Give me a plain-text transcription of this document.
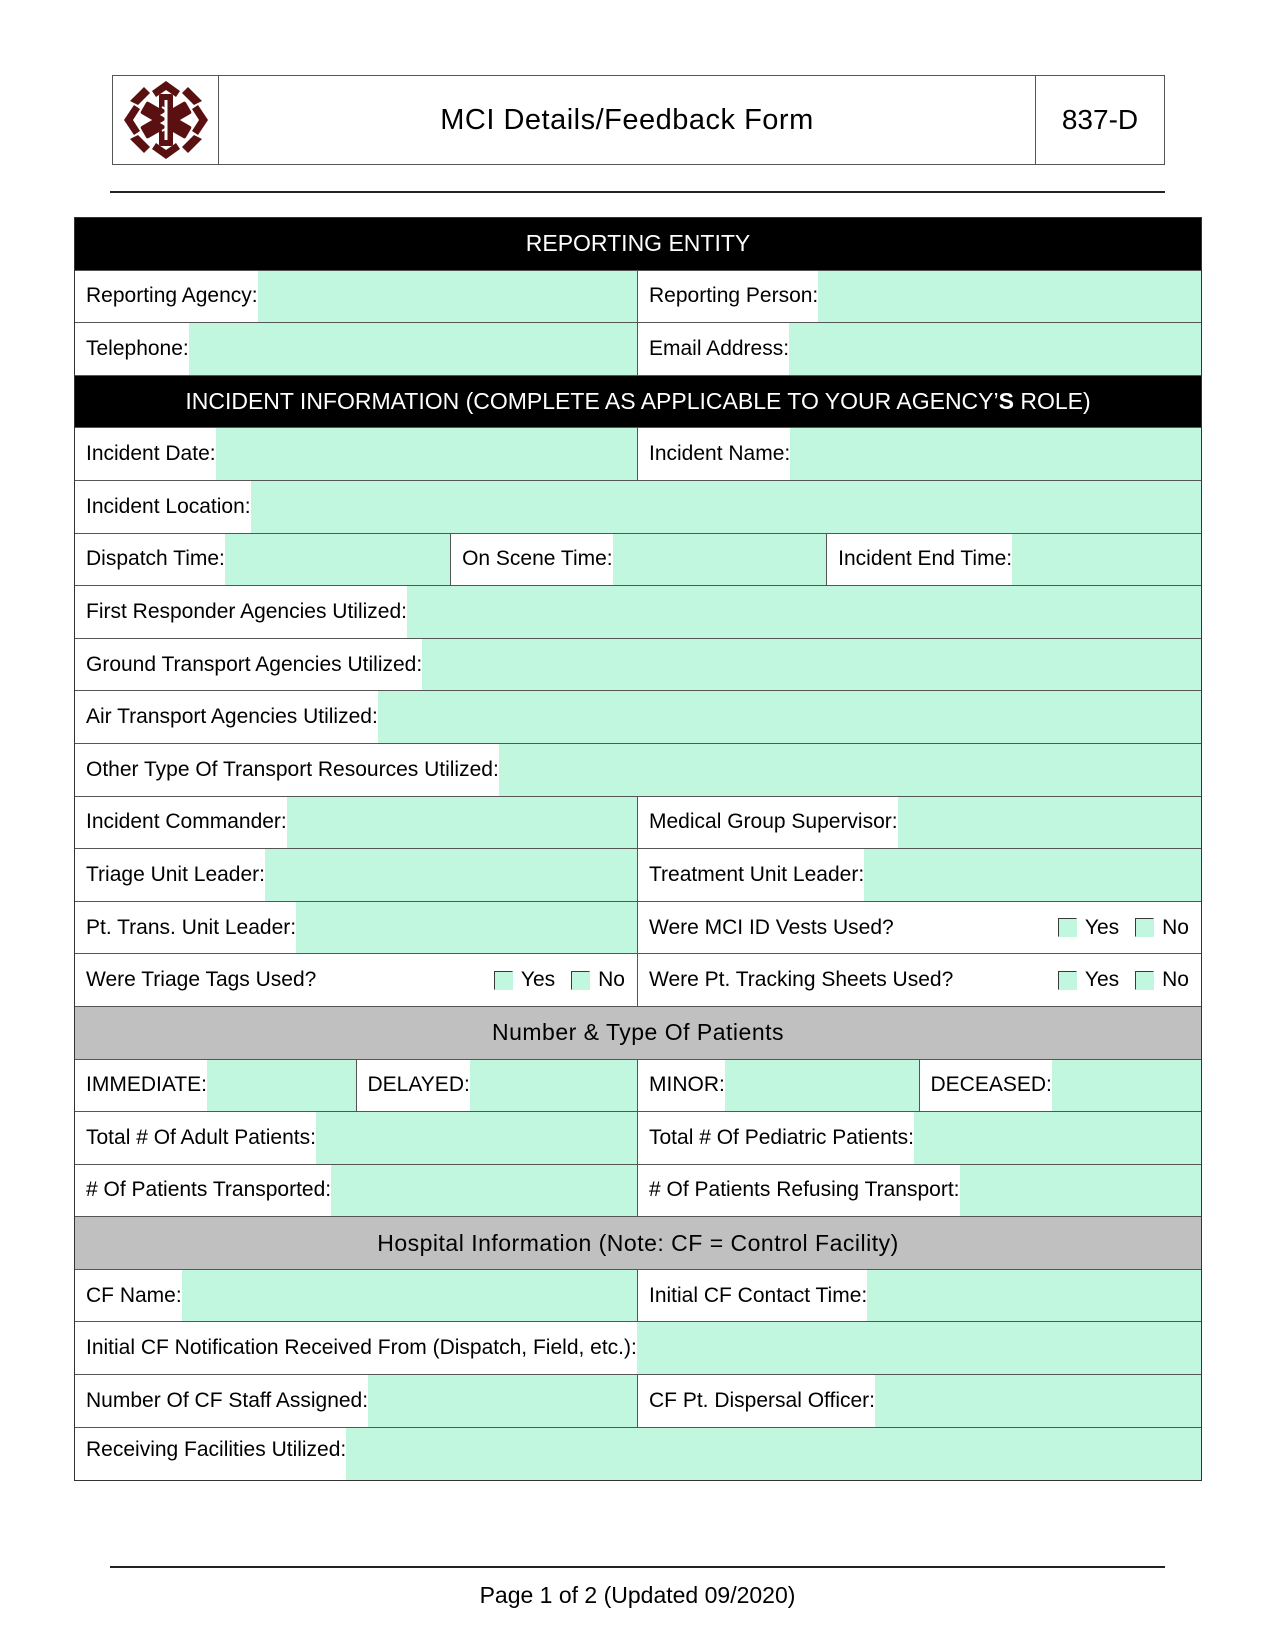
MCI Details/Feedback Form	837-D
REPORTING ENTITY
Reporting Agency:	Reporting Person:
Telephone:	Email Address:
INCIDENT INFORMATION (COMPLETE AS APPLICABLE TO YOUR AGENCY’ S ROLE)
Incident Date:	Incident Name:
Incident Location:
Dispatch Time:	On Scene Time:	Incident End Time:
First Responder Agencies Utilized:
Ground Transport Agencies Utilized:
Air Transport Agencies Utilized:
Other Type Of Transport Resources Utilized:
Incident Commander:	Medical Group Supervisor:
Triage Unit Leader:	Treatment Unit Leader:
Pt. Trans. Unit Leader:	Were MCI ID Vests Used?	Yes No
Were Triage Tags Used?	Yes No	Were Pt. Tracking Sheets Used?	Yes No
Number & Type Of Patients
IMMEDIATE:	DELAYED:	MINOR:	DECEASED:
Total # Of Adult Patients:	Total # Of Pediatric Patients:
# Of Patients Transported:	# Of Patients Refusing Transport:
Hospital Information (Note: CF = Control Facility)
CF Name:	Initial CF Contact Time:
Initial CF Notification Received From (Dispatch, Field, etc.):
Number Of CF Staff Assigned:	CF Pt. Dispersal Officer:
Receiving Facilities Utilized:
Page 1 of 2 (Updated 09/2020)
